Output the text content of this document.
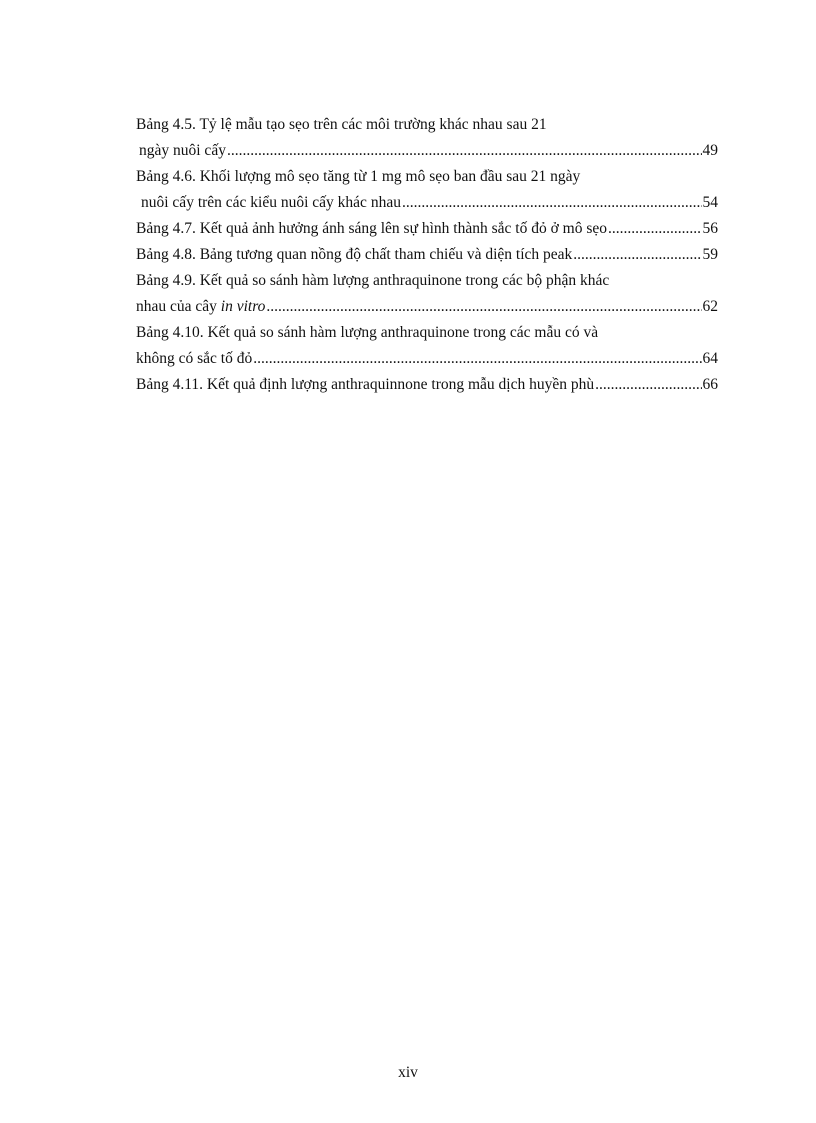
Bảng 4.5. Tỷ lệ mẫu tạo sẹo trên các môi trường khác nhau sau 21
ngày nuôi cấy .....	49
Bảng 4.6. Khối lượng mô sẹo tăng từ 1 mg mô sẹo ban đầu sau 21 ngày
nuôi cấy trên các kiểu nuôi cấy khác nhau .....	54
Bảng 4.7. Kết quả ảnh hưởng ánh sáng lên sự hình thành sắc tố đỏ ở mô sẹo .....	56
Bảng 4.8. Bảng tương quan nồng độ chất tham chiếu và diện tích peak .....	59
Bảng 4.9. Kết quả so sánh hàm lượng anthraquinone trong các bộ phận khác
nhau của cây in vitro .....	62
Bảng 4.10. Kết quả so sánh hàm lượng anthraquinone trong các mẫu có và
không có sắc tố đỏ .....	64
Bảng 4.11. Kết quả định lượng anthraquinnone trong mẫu dịch huyền phù .....	66
xiv
